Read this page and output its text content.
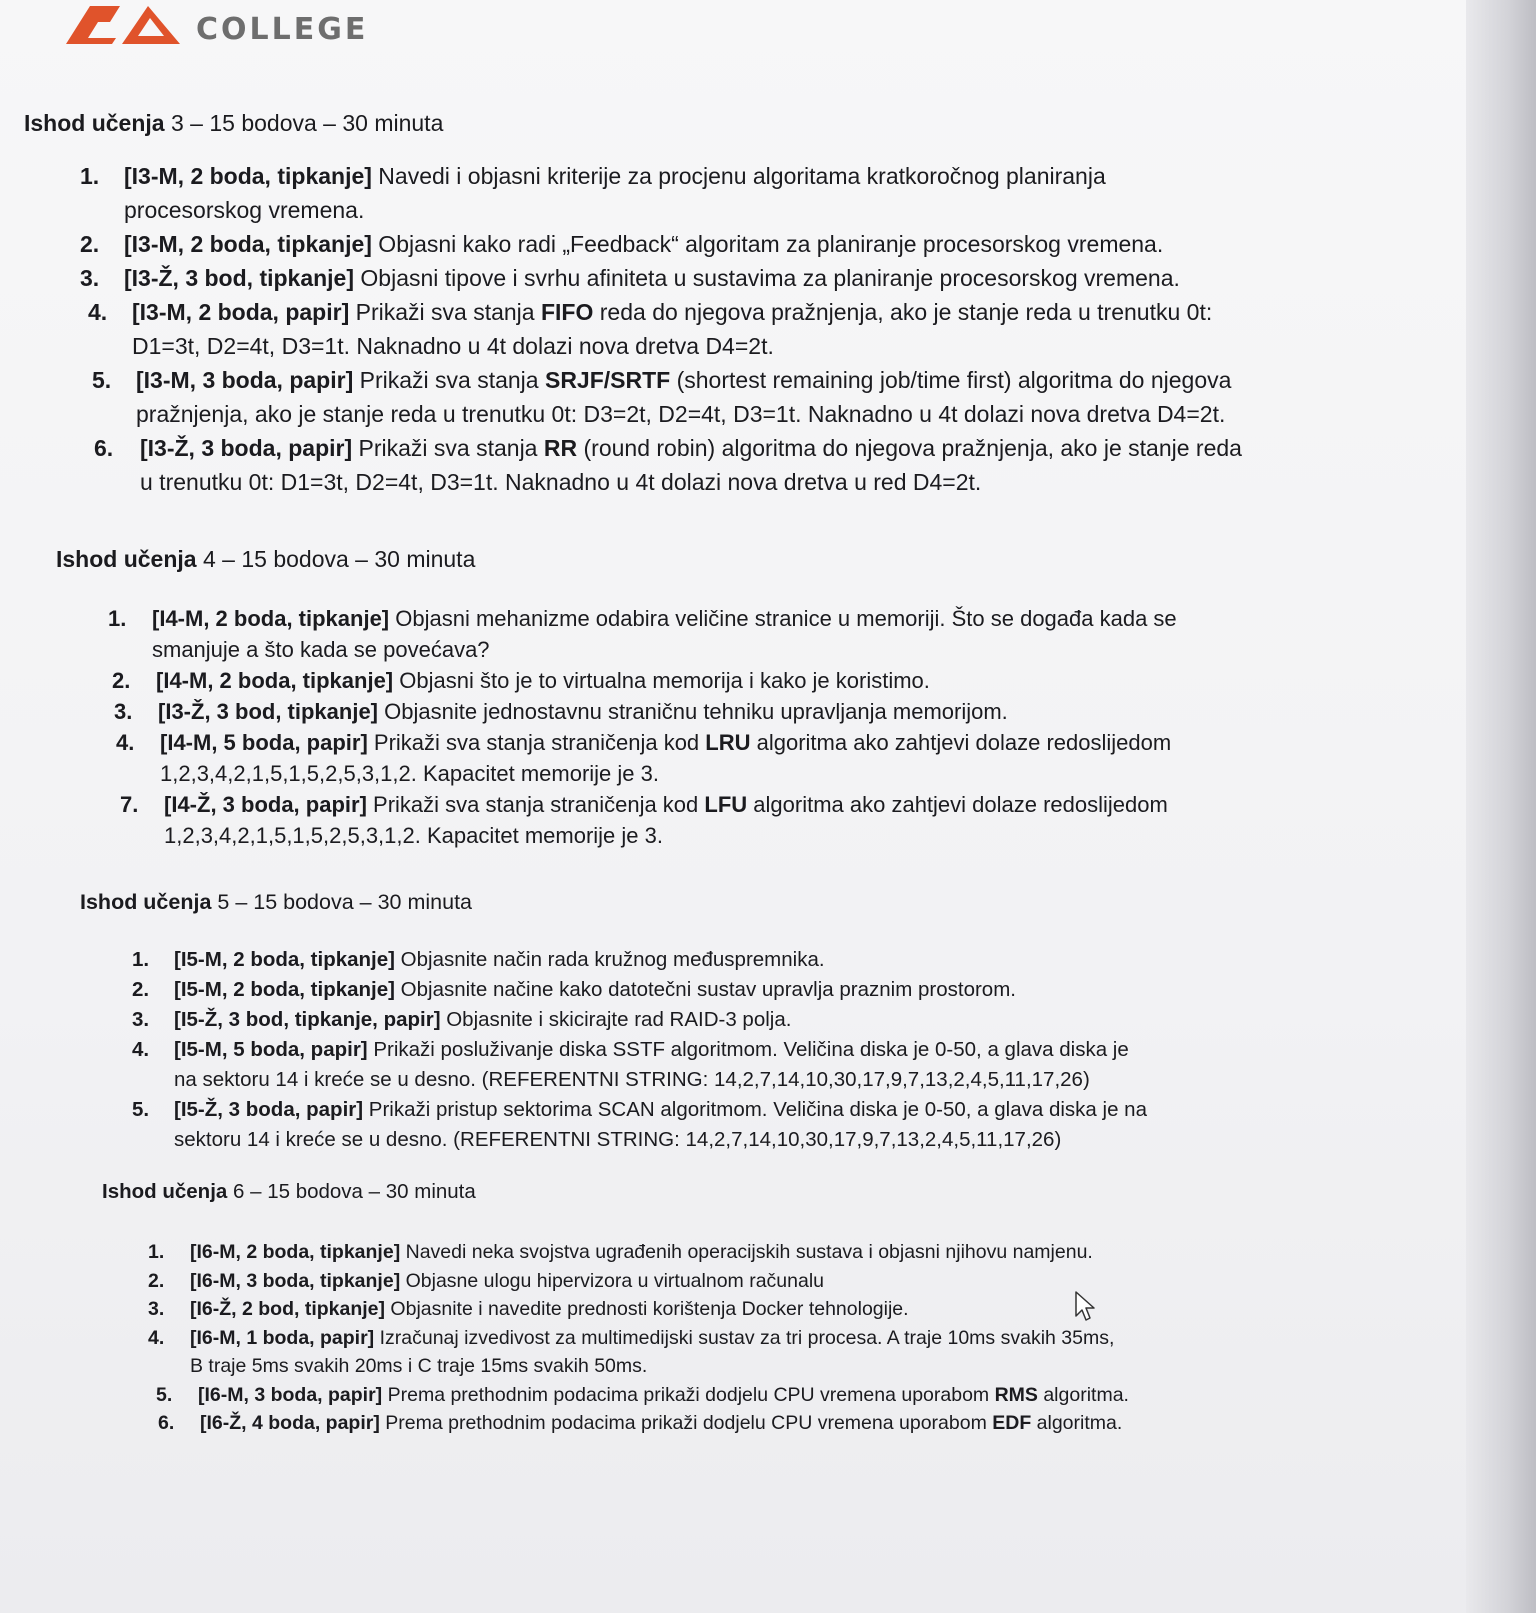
COLLEGE
Ishod učenja 3 – 15 bodova – 30 minuta
1. [I3-M, 2 boda, tipkanje] Navedi i objasni kriterije za procjenu algoritama kratkoročnog planiranja
procesorskog vremena.
2. [I3-M, 2 boda, tipkanje] Objasni kako radi „Feedback“ algoritam za planiranje procesorskog vremena.
3. [I3-Ž, 3 bod, tipkanje] Objasni tipove i svrhu afiniteta u sustavima za planiranje procesorskog vremena.
4. [I3-M, 2 boda, papir] Prikaži sva stanja FIFO reda do njegova pražnjenja, ako je stanje reda u trenutku 0t:
D1=3t, D2=4t, D3=1t. Naknadno u 4t dolazi nova dretva D4=2t.
5. [I3-M, 3 boda, papir] Prikaži sva stanja SRJF/SRTF (shortest remaining job/time first) algoritma do njegova
pražnjenja, ako je stanje reda u trenutku 0t: D3=2t, D2=4t, D3=1t. Naknadno u 4t dolazi nova dretva D4=2t.
6. [I3-Ž, 3 boda, papir] Prikaži sva stanja RR (round robin) algoritma do njegova pražnjenja, ako je stanje reda
u trenutku 0t: D1=3t, D2=4t, D3=1t. Naknadno u 4t dolazi nova dretva u red D4=2t.
Ishod učenja 4 – 15 bodova – 30 minuta
1. [I4-M, 2 boda, tipkanje] Objasni mehanizme odabira veličine stranice u memoriji. Što se događa kada se
smanjuje a što kada se povećava?
2. [I4-M, 2 boda, tipkanje] Objasni što je to virtualna memorija i kako je koristimo.
3. [I3-Ž, 3 bod, tipkanje] Objasnite jednostavnu straničnu tehniku upravljanja memorijom.
4. [I4-M, 5 boda, papir] Prikaži sva stanja straničenja kod LRU algoritma ako zahtjevi dolaze redoslijedom
1,2,3,4,2,1,5,1,5,2,5,3,1,2. Kapacitet memorije je 3.
7. [I4-Ž, 3 boda, papir] Prikaži sva stanja straničenja kod LFU algoritma ako zahtjevi dolaze redoslijedom
1,2,3,4,2,1,5,1,5,2,5,3,1,2. Kapacitet memorije je 3.
Ishod učenja 5 – 15 bodova – 30 minuta
1. [I5-M, 2 boda, tipkanje] Objasnite način rada kružnog međuspremnika.
2. [I5-M, 2 boda, tipkanje] Objasnite načine kako datotečni sustav upravlja praznim prostorom.
3. [I5-Ž, 3 bod, tipkanje, papir] Objasnite i skicirajte rad RAID-3 polja.
4. [I5-M, 5 boda, papir] Prikaži posluživanje diska SSTF algoritmom. Veličina diska je 0-50, a glava diska je
na sektoru 14 i kreće se u desno. (REFERENTNI STRING: 14,2,7,14,10,30,17,9,7,13,2,4,5,11,17,26)
5. [I5-Ž, 3 boda, papir] Prikaži pristup sektorima SCAN algoritmom. Veličina diska je 0-50, a glava diska je na
sektoru 14 i kreće se u desno. (REFERENTNI STRING: 14,2,7,14,10,30,17,9,7,13,2,4,5,11,17,26)
Ishod učenja 6 – 15 bodova – 30 minuta
1. [I6-M, 2 boda, tipkanje] Navedi neka svojstva ugrađenih operacijskih sustava i objasni njihovu namjenu.
2. [I6-M, 3 boda, tipkanje] Objasne ulogu hipervizora u virtualnom računalu
3. [I6-Ž, 2 bod, tipkanje] Objasnite i navedite prednosti korištenja Docker tehnologije.
4. [I6-M, 1 boda, papir] Izračunaj izvedivost za multimedijski sustav za tri procesa. A traje 10ms svakih 35ms,
B traje 5ms svakih 20ms i C traje 15ms svakih 50ms.
5. [I6-M, 3 boda, papir] Prema prethodnim podacima prikaži dodjelu CPU vremena uporabom RMS algoritma.
6. [I6-Ž, 4 boda, papir] Prema prethodnim podacima prikaži dodjelu CPU vremena uporabom EDF algoritma.
